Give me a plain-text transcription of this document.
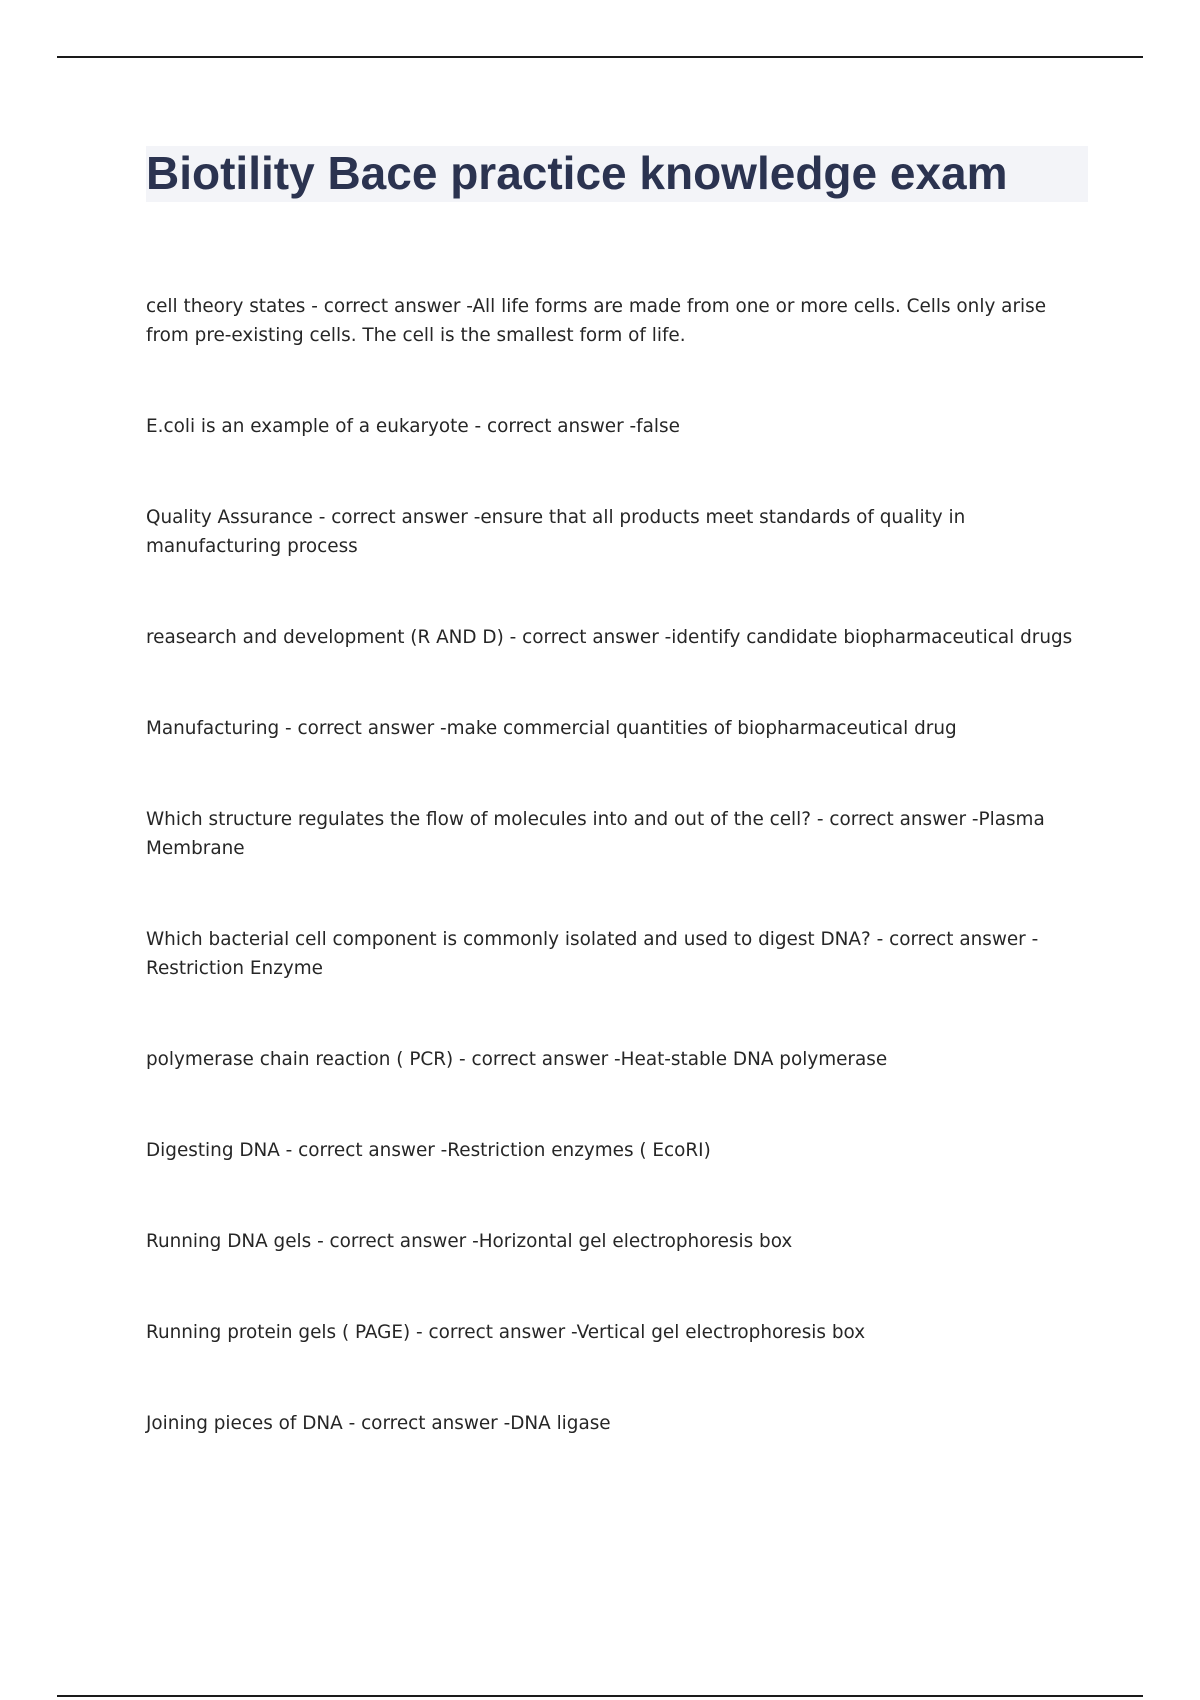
Biotility Bace practice knowledge exam
cell theory states - correct answer -All life forms are made from one or more cells. Cells only arise from pre-existing cells. The cell is the smallest form of life.
E.coli is an example of a eukaryote - correct answer -false
Quality Assurance - correct answer -ensure that all products meet standards of quality in manufacturing process
reasearch and development (R AND D) - correct answer -identify candidate biopharmaceutical drugs
Manufacturing - correct answer -make commercial quantities of biopharmaceutical drug
Which structure regulates the flow of molecules into and out of the cell? - correct answer -Plasma Membrane
Which bacterial cell component is commonly isolated and used to digest DNA? - correct answer -Restriction Enzyme
polymerase chain reaction ( PCR) - correct answer -Heat-stable DNA polymerase
Digesting DNA - correct answer -Restriction enzymes ( EcoRI)
Running DNA gels - correct answer -Horizontal gel electrophoresis box
Running protein gels ( PAGE) - correct answer -Vertical gel electrophoresis box
Joining pieces of DNA - correct answer -DNA ligase
